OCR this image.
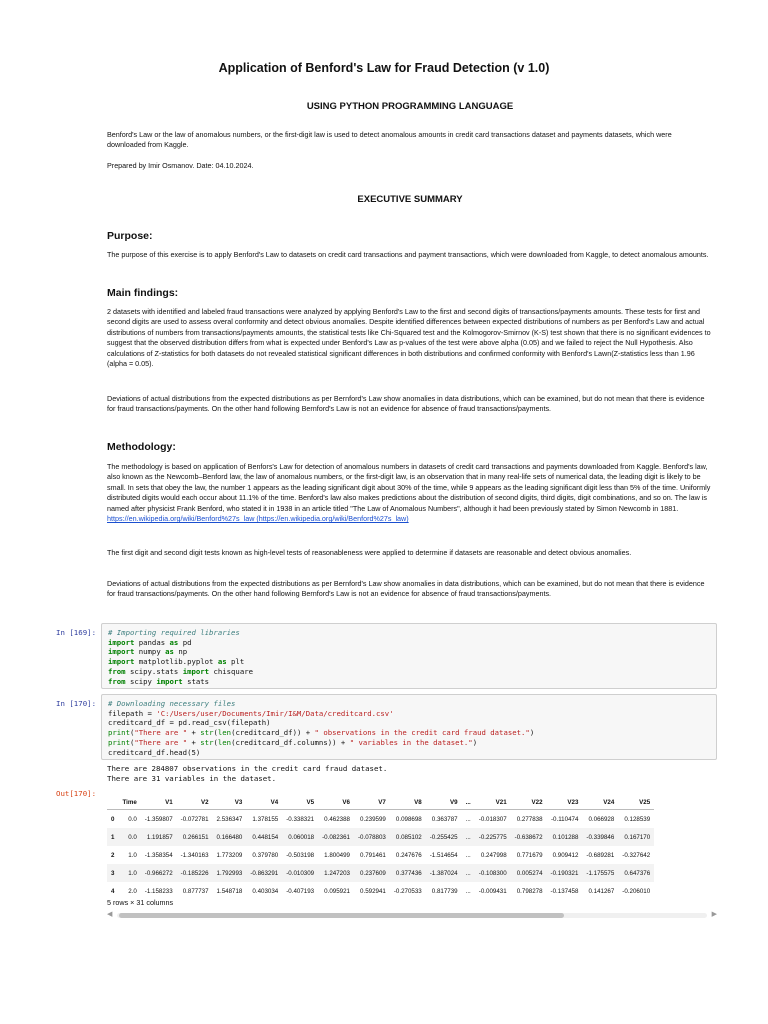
Application of Benford's Law for Fraud Detection (v 1.0)
USING PYTHON PROGRAMMING LANGUAGE

Benford's Law or the law of anomalous numbers, or the first-digit law is used to detect anomalous amounts in credit card transactions dataset and payments datasets, which were downloaded from Kaggle.

Prepared by Imir Osmanov. Date: 04.10.2024.

EXECUTIVE SUMMARY

Purpose:

The purpose of this exercise is to apply Benford's Law to datasets on credit card transactions and payment transactions, which were downloaded from Kaggle, to detect anomalous amounts.

Main findings:

2 datasets with identified and labeled fraud transactions were analyzed by applying Benford's Law to the first and second digits of transactions/payments amounts. These tests for first and second digits are used to assess overal conformity and detect obvious anomalies. Despite identified differences between expected distributions of numbers as per Benford's Law and actual distributions of numbers from transactions/payments amounts, the statistical tests like Chi-Squared test and the Kolmogorov-Smirnov (K-S) test shown that there is no significant evidences to suggest that the observed distribution differs from what is expected under Benford's Law as p-values of the test were above alpha (0.05) and we failed to reject the Null Hypothesis. Also calculations of Z-statistics for both datasets do not revealed statistical significant differences in both distributions and confirmed conformity with Benford's Lawn(Z-statistics less than 1.96 (alpha = 0.05).

Deviations of actual distributions from the expected distributions as per Bernford's Law show anomalies in data distributions, which can be examined, but do not mean that there is evidence for fraud transactions/payments. On the other hand following Bernford's Law is not an evidence for absence of fraud transactions/payments.

Methodology:

The methodology is based on application of Benfors's Law for detection of anomalous numbers in datasets of credit card transactions and payments downloaded from Kaggle. Benford's law, also known as the Newcomb–Benford law, the law of anomalous numbers, or the first-digit law, is an observation that in many real-life sets of numerical data, the leading digit is likely to be small. In sets that obey the law, the number 1 appears as the leading significant digit about 30% of the time, while 9 appears as the leading significant digit less than 5% of the time. Uniformly distributed digits would each occur about 11.1% of the time. Benford's law also makes predictions about the distribution of second digits, third digits, digit combinations, and so on. The law is named after physicist Frank Benford, who stated it in 1938 in an article titled "The Law of Anomalous Numbers", although it had been previously stated by Simon Newcomb in 1881.
https://en.wikipedia.org/wiki/Benford%27s_law (https://en.wikipedia.org/wiki/Benford%27s_law)

The first digit and second digit tests known as high-level tests of reasonableness were applied to determine if datasets are reasonable and detect obvious anomalies.

Deviations of actual distributions from the expected distributions as per Bernford's Law show anomalies in data distributions, which can be examined, but do not mean that there is evidence for fraud transactions/payments. On the other hand following Bernford's Law is not an evidence for absence of fraud transactions/payments.

In [169]:	# Importing required libraries
import pandas as pd
import numpy as np
import matplotlib.pyplot as plt
from scipy.stats import chisquare
from scipy import stats
In [170]:	# Downloading necessary files
filepath = 'C:/Users/user/Documents/Imir/I&M/Data/creditcard.csv'
creditcard_df = pd.read_csv(filepath)
print("There are " + str(len(creditcard_df)) + " observations in the credit card fraud dataset.")
print("There are " + str(len(creditcard_df.columns)) + " variables in the dataset.")
creditcard_df.head(5)
There are 284807 observations in the credit card fraud dataset.
There are 31 variables in the dataset.
Out[170]:
	Time	V1	V2	V3	V4	V5	V6	V7	V8	V9	...	V21	V22	V23	V24	V25
0	0.0	-1.359807	-0.072781	2.536347	1.378155	-0.338321	0.462388	0.239599	0.098698	0.363787	...	-0.018307	0.277838	-0.110474	0.066928	0.128539
1	0.0	1.191857	0.266151	0.166480	0.448154	0.060018	-0.082361	-0.078803	0.085102	-0.255425	...	-0.225775	-0.638672	0.101288	-0.339846	0.167170
2	1.0	-1.358354	-1.340163	1.773209	0.379780	-0.503198	1.800499	0.791461	0.247676	-1.514654	...	0.247998	0.771679	0.909412	-0.689281	-0.327642
3	1.0	-0.966272	-0.185226	1.792993	-0.863291	-0.010309	1.247203	0.237609	0.377436	-1.387024	...	-0.108300	0.005274	-0.190321	-1.175575	0.647376
4	2.0	-1.158233	0.877737	1.548718	0.403034	-0.407193	0.095921	0.592941	-0.270533	0.817739	...	-0.009431	0.798278	-0.137458	0.141267	-0.206010
5 rows × 31 columns
◀	▶
